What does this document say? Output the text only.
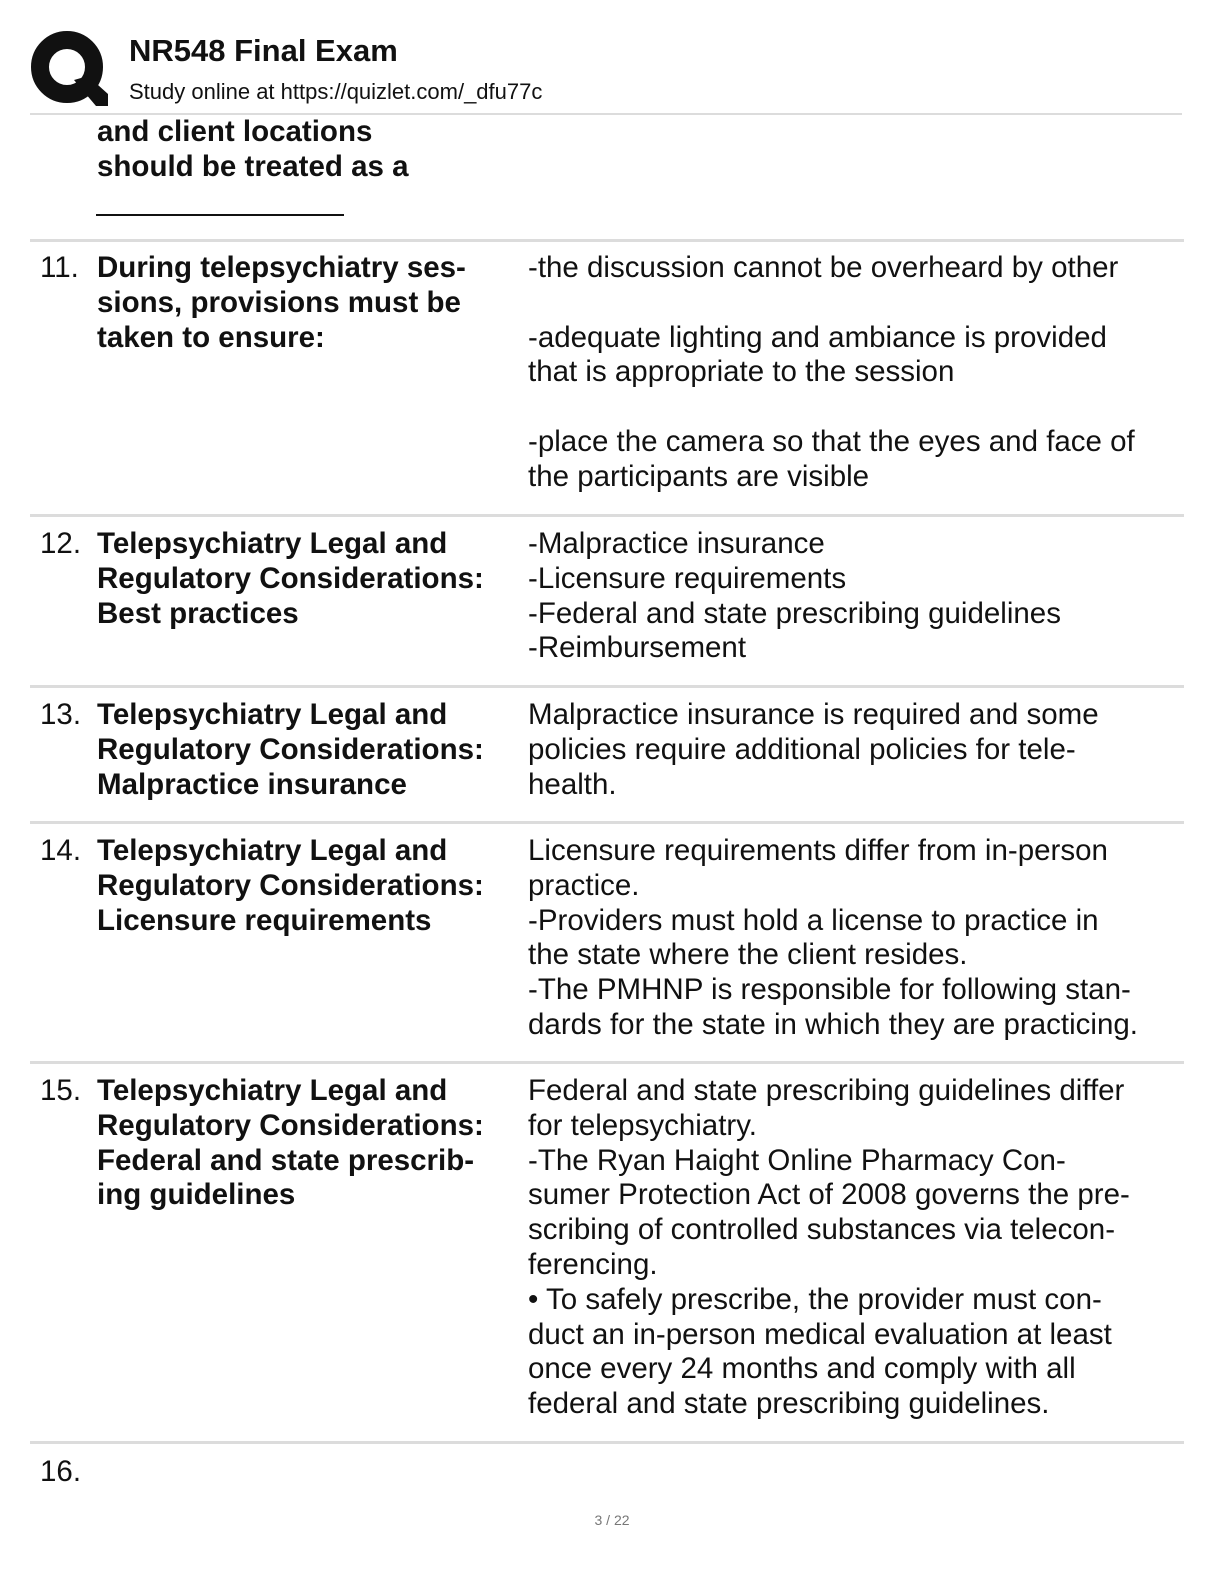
NR548 Final Exam
Study online at https://quizlet.com/_dfu77c
and client locations
should be treated as a
11. During telepsychiatry ses-
sions, provisions must be
taken to ensure:
-the discussion cannot be overheard by other

-adequate lighting and ambiance is provided
that is appropriate to the session

-place the camera so that the eyes and face of
the participants are visible
12. Telepsychiatry Legal and
Regulatory Considerations:
Best practices
-Malpractice insurance
-Licensure requirements
-Federal and state prescribing guidelines
-Reimbursement
13. Telepsychiatry Legal and
Regulatory Considerations:
Malpractice insurance
Malpractice insurance is required and some
policies require additional policies for tele-
health.
14. Telepsychiatry Legal and
Regulatory Considerations:
Licensure requirements
Licensure requirements differ from in-person
practice.
-Providers must hold a license to practice in
the state where the client resides.
-The PMHNP is responsible for following stan-
dards for the state in which they are practicing.
15. Telepsychiatry Legal and
Regulatory Considerations:
Federal and state prescrib-
ing guidelines
Federal and state prescribing guidelines differ
for telepsychiatry.
-The Ryan Haight Online Pharmacy Con-
sumer Protection Act of 2008 governs the pre-
scribing of controlled substances via telecon-
ferencing.
• To safely prescribe, the provider must con-
duct an in-person medical evaluation at least
once every 24 months and comply with all
federal and state prescribing guidelines.
16.
3 / 22
